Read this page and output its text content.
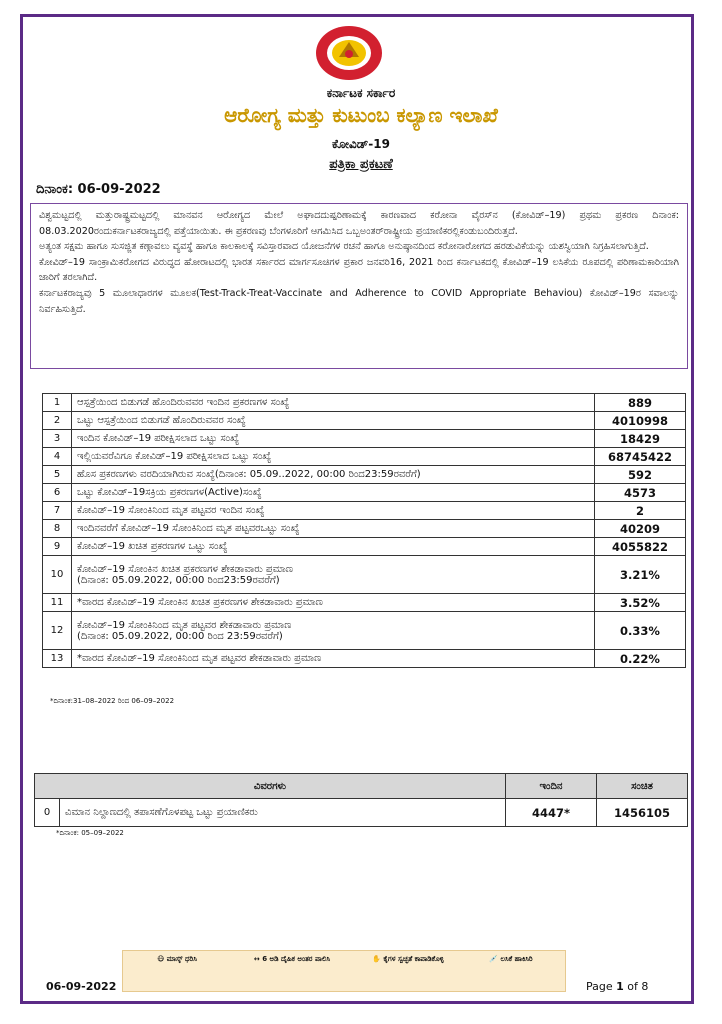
ಕರ್ನಾಟಕ ಸರ್ಕಾರ
ಆರೋಗ್ಯ ಮತ್ತು ಕುಟುಂಬ ಕಲ್ಯಾಣ ಇಲಾಖೆ
ಕೋವಿಡ್-19
ಪತ್ರಿಕಾ ಪ್ರಕಟಣೆ
ದಿನಾಂಕ: 06-09-2022

ವಿಶ್ವಮಟ್ಟದಲ್ಲಿ ಮತ್ತುರಾಷ್ಟ್ರಮಟ್ಟದಲ್ಲಿ ಮಾನವನ ಆರೋಗ್ಯದ ಮೇಲೆ ಅಘಾದದುಷ್ಪರಿಣಾಮಕ್ಕೆ ಕಾರಣವಾದ ಕರೋನಾ ವೈರಸ್‌ನ (ಕೋವಿಡ್–19) ಪ್ರಥಮ ಪ್ರಕರಣ ದಿನಾಂಕ: 08.03.2020ರಂದುಕರ್ನಾಟಕರಾಜ್ಯದಲ್ಲಿ ಪತ್ತೆಯಾಯಿತು. ಈ ಪ್ರಕರಣವು ಬೆಂಗಳೂರಿಗೆ ಆಗಮಿಸಿದ ಒಬ್ಬಅಂತರ್‌ರಾಷ್ಟ್ರೀಯ ಪ್ರಯಾಣಿಕರಲ್ಲಿಕಂಡುಬಂದಿರುತ್ತದೆ.

ಅತ್ಯಂತ ಸಕ್ಷಮ ಹಾಗೂ ಸುಸಜ್ಜಿತ ಕಣ್ಗಾವಲು ವ್ಯವಸ್ಥೆ ಹಾಗೂ ಕಾಲಕಾಲಕ್ಕೆ ಸವಿಸ್ತಾರವಾದ ಯೋಜನೆಗಳ ರಚನೆ ಹಾಗೂ ಅನುಷ್ಠಾನದಿಂದ ಕರೋನಾರೋಗದ ಹರಡುವಿಕೆಯನ್ನು ಯಶಸ್ವಿಯಾಗಿ ನಿಗ್ರಹಿಸಲಾಗುತ್ತಿದೆ.

ಕೋವಿಡ್–19 ಸಾಂಕ್ರಾಮಿಕರೋಗದ ವಿರುದ್ಧದ ಹೋರಾಟದಲ್ಲಿ ಭಾರತ ಸರ್ಕಾರದ ಮಾರ್ಗಸೂಚಿಗಳ ಪ್ರಕಾರ ಜನವರಿ16, 2021 ರಿಂದ ಕರ್ನಾಟಕದಲ್ಲಿ ಕೋವಿಡ್–19 ಲಸಿಕೆಯ ರೂಪದಲ್ಲಿ ಪರಿಣಾಮಕಾರಿಯಾಗಿ ಜಾರಿಗೆ ತರಲಾಗಿದೆ.

ಕರ್ನಾಟಕರಾಜ್ಯವು 5 ಮೂಲಾಧಾರಗಳ ಮೂಲಕ(Test-Track-Treat-Vaccinate and Adherence to COVID Appropriate Behaviou) ಕೋವಿಡ್–19ರ ಸವಾಲನ್ನು ನಿರ್ವಹಿಸುತ್ತಿದೆ.

1	ಆಸ್ಪತ್ರೆಯಿಂದ ಬಿಡುಗಡೆ ಹೊಂದಿರುವವರ ಇಂದಿನ ಪ್ರಕರಣಗಳ ಸಂಖ್ಯೆ	889
2	ಒಟ್ಟು ಆಸ್ಪತ್ರೆಯಿಂದ ಬಿಡುಗಡೆ ಹೊಂದಿರುವವರ ಸಂಖ್ಯೆ	4010998
3	ಇಂದಿನ ಕೋವಿಡ್–19 ಪರೀಕ್ಷಿಸಲಾದ ಒಟ್ಟು ಸಂಖ್ಯೆ	18429
4	ಇಲ್ಲಿಯವರೆವಿಗೂ ಕೋವಿಡ್–19 ಪರೀಕ್ಷಿಸಲಾದ ಒಟ್ಟು ಸಂಖ್ಯೆ	68745422
5	ಹೊಸ ಪ್ರಕರಣಗಳು ವರದಿಯಾಗಿರುವ ಸಂಖ್ಯೆ(ದಿನಾಂಕ: 05.09..2022, 00:00 ರಿಂದ23:59ರವರೆಗೆ)	592
6	ಒಟ್ಟು ಕೋವಿಡ್–19ಸಕ್ರಿಯ ಪ್ರಕರಣಗಳ(Active)ಸಂಖ್ಯೆ	4573
7	ಕೋವಿಡ್–19 ಸೋಂಕಿನಿಂದ ಮೃತ ಪಟ್ಟವರ ಇಂದಿನ ಸಂಖ್ಯೆ	2
8	ಇಂದಿನವರೆಗೆ ಕೋವಿಡ್–19 ಸೋಂಕಿನಿಂದ ಮೃತ ಪಟ್ಟವರಒಟ್ಟು ಸಂಖ್ಯೆ	40209
9	ಕೋವಿಡ್–19 ಖಚಿತ ಪ್ರಕರಣಗಳ ಒಟ್ಟು ಸಂಖ್ಯೆ	4055822
10	ಕೋವಿಡ್–19 ಸೋಂಕಿನ ಖಚಿತ ಪ್ರಕರಣಗಳ ಶೇಕಡಾವಾರು ಪ್ರಮಾಣ
(ದಿನಾಂಕ: 05.09.2022, 00:00 ರಿಂದ23:59ರವರೆಗೆ)	3.21%
11	*ವಾರದ ಕೋವಿಡ್–19 ಸೋಂಕಿನ ಖಚಿತ ಪ್ರಕರಣಗಳ ಶೇಕಡಾವಾರು ಪ್ರಮಾಣ	3.52%
12	ಕೋವಿಡ್–19 ಸೋಂಕಿನಿಂದ ಮೃತ ಪಟ್ಟವರ ಶೇಕಡಾವಾರು ಪ್ರಮಾಣ
(ದಿನಾಂಕ: 05.09.2022, 00:00 ರಿಂದ 23:59ರವರೆಗೆ)	0.33%
13	*ವಾರದ ಕೋವಿಡ್–19 ಸೋಂಕಿನಿಂದ ಮೃತ ಪಟ್ಟವರ ಶೇಕಡಾವಾರು ಪ್ರಮಾಣ	0.22%
*ದಿನಾಂಕ:31–08–2022 ರಿಂದ 06–09–2022
ವಿವರಗಳು		ಇಂದಿನ	ಸಂಚಿತ
0	ವಿಮಾನ ನಿಲ್ದಾಣದಲ್ಲಿ ತಪಾಸಣೆಗೊಳಪಟ್ಟ ಒಟ್ಟು ಪ್ರಯಾಣಿಕರು	4447*	1456105
*ದಿನಾಂಕ: 05–09–2022
😷 ಮಾಸ್ಕ್ ಧರಿಸಿ	↔ 6 ಅಡಿ ದೈಹಿಕ ಅಂತರ ಪಾಲಿಸಿ	✋ ಕೈಗಳ ಸ್ವಚ್ಛತೆ ಕಾಪಾಡಿಕೊಳ್ಳಿ	💉 ಲಸಿಕೆ ಹಾಕಿಸಿರಿ
06-09-2022	Page 1 of 8
